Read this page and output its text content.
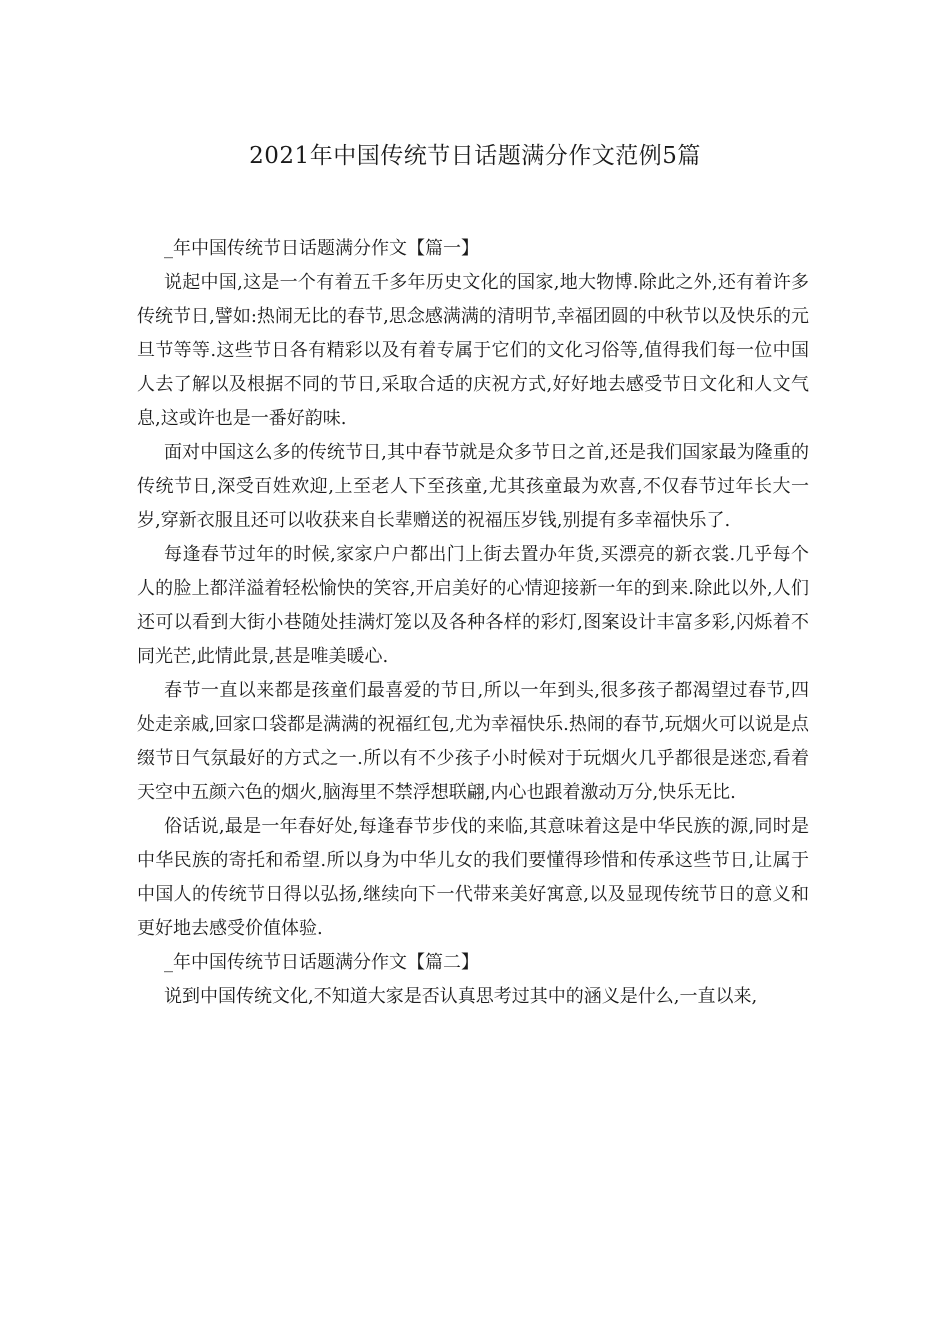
2021年中国传统节日话题满分作文范例5篇

_年中国传统节日话题满分作文【篇一】

说起中国,这是一个有着五千多年历史文化的国家,地大物博.除此之外,还有着许多传统节日,譬如:热闹无比的春节,思念感满满的清明节,幸福团圆的中秋节以及快乐的元旦节等等.这些节日各有精彩以及有着专属于它们的文化习俗等,值得我们每一位中国人去了解以及根据不同的节日,采取合适的庆祝方式,好好地去感受节日文化和人文气息,这或许也是一番好韵味.

面对中国这么多的传统节日,其中春节就是众多节日之首,还是我们国家最为隆重的传统节日,深受百姓欢迎,上至老人下至孩童,尤其孩童最为欢喜,不仅春节过年长大一岁,穿新衣服且还可以收获来自长辈赠送的祝福压岁钱,别提有多幸福快乐了.

每逢春节过年的时候,家家户户都出门上街去置办年货,买漂亮的新衣裳.几乎每个人的脸上都洋溢着轻松愉快的笑容,开启美好的心情迎接新一年的到来.除此以外,人们还可以看到大街小巷随处挂满灯笼以及各种各样的彩灯,图案设计丰富多彩,闪烁着不同光芒,此情此景,甚是唯美暖心.

春节一直以来都是孩童们最喜爱的节日,所以一年到头,很多孩子都渴望过春节,四处走亲戚,回家口袋都是满满的祝福红包,尤为幸福快乐.热闹的春节,玩烟火可以说是点缀节日气氛最好的方式之一.所以有不少孩子小时候对于玩烟火几乎都很是迷恋,看着天空中五颜六色的烟火,脑海里不禁浮想联翩,内心也跟着激动万分,快乐无比.

俗话说,最是一年春好处,每逢春节步伐的来临,其意味着这是中华民族的源,同时是中华民族的寄托和希望.所以身为中华儿女的我们要懂得珍惜和传承这些节日,让属于中国人的传统节日得以弘扬,继续向下一代带来美好寓意,以及显现传统节日的意义和更好地去感受价值体验.

_年中国传统节日话题满分作文【篇二】

说到中国传统文化,不知道大家是否认真思考过其中的涵义是什么,一直以来,
